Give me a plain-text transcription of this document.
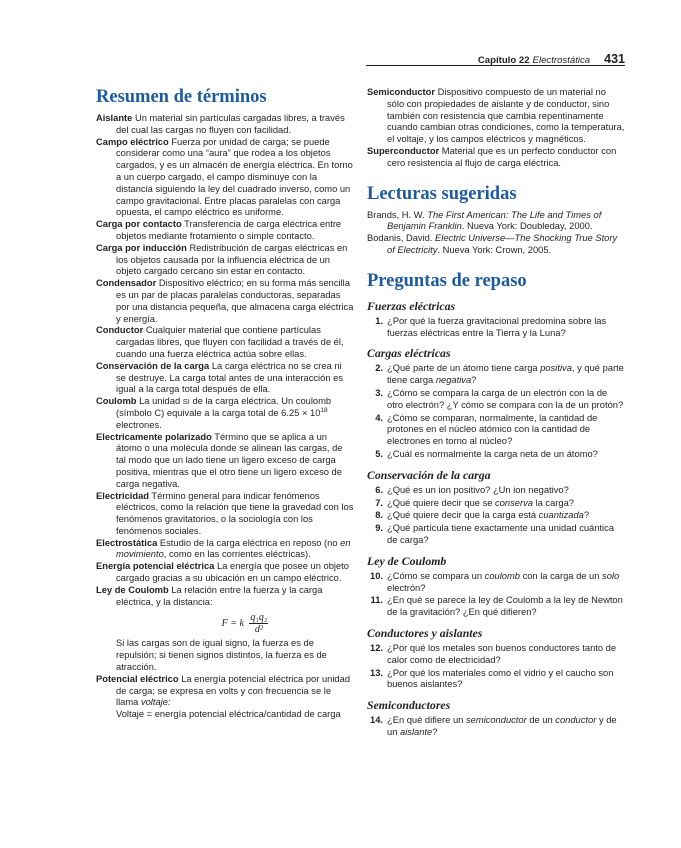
Capítulo 22 Electrostática 431
Resumen de términos

Aislante Un material sin partículas cargadas libres, a través del cual las cargas no fluyen con facilidad.

Campo eléctrico Fuerza por unidad de carga; se puede considerar como una “aura” que rodea a los objetos cargados, y es un almacén de energía eléctrica. En torno a un cuerpo cargado, el campo disminuye con la distancia siguiendo la ley del cuadrado inverso, como un campo gravitacional. Entre placas paralelas con carga opuesta, el campo eléctrico es uniforme.

Carga por contacto Transferencia de carga eléctrica entre objetos mediante frotamiento o simple contacto.

Carga por inducción Redistribución de cargas eléctricas en los objetos causada por la influencia eléctrica de un objeto cargado cercano sin estar en contacto.

Condensador Dispositivo eléctrico; en su forma más sencilla es un par de placas paralelas conductoras, separadas por una distancia pequeña, que almacena carga eléctrica y energía.

Conductor Cualquier material que contiene partículas cargadas libres, que fluyen con facilidad a través de él, cuando una fuerza eléctrica actúa sobre ellas.

Conservación de la carga La carga eléctrica no se crea ni se destruye. La carga total antes de una interacción es igual a la carga total después de ella.

Coulomb La unidad SI de la carga eléctrica. Un coulomb (símbolo C) equivale a la carga total de $6.25 \times 10^{18}$ electrones.

Electricamente polarizado Término que se aplica a un átomo o una molécula donde se alinean las cargas, de tal modo que un lado tiene un ligero exceso de carga positiva, mientras que el otro tiene un ligero exceso de carga negativa.

Electricidad Término general para indicar fenómenos eléctricos, como la relación que tiene la gravedad con los fenómenos gravitatorios, o la sociología con los fenómenos sociales.

Electrostática Estudio de la carga eléctrica en reposo (no en movimiento, como en las corrientes eléctricas).

Energía potencial eléctrica La energía que posee un objeto cargado gracias a su ubicación en un campo eléctrico.

Ley de Coulomb La relación entre la fuerza y la carga eléctrica, y la distancia:

F = k $\frac{\text{q₁q₂}}{\text{d²}}$

Si las cargas son de igual signo, la fuerza es de repulsión; si tienen signos distintos, la fuerza es de atracción.

Potencial eléctrico La energía potencial eléctrica por unidad de carga; se expresa en volts y con frecuencia se le llama voltaje:

Voltaje = energía potencial eléctrica/cantidad de carga

Semiconductor Dispositivo compuesto de un material no sólo con propiedades de aislante y de conductor, sino también con resistencia que cambia repentinamente cuando cambian otras condiciones, como la temperatura, el voltaje, y los campos eléctricos y magnéticos.

Superconductor Material que es un perfecto conductor con cero resistencia al flujo de carga eléctrica.

Lecturas sugeridas

Brands, H. W. The First American: The Life and Times of Benjamin Franklin. Nueva York: Doubleday, 2000.

Bodanis, David. Electric Universe—The Shocking True Story of Electricity. Nueva York: Crown, 2005.

Preguntas de repaso
Fuerzas eléctricas

1. ¿Por qué la fuerza gravitacional predomina sobre las fuerzas eléctricas entre la Tierra y la Luna?

Cargas eléctricas

2. ¿Qué parte de un átomo tiene carga positiva, y qué parte tiene carga negativa?

3. ¿Cómo se compara la carga de un electrón con la de otro electrón? ¿Y cómo se compara con la de un protón?

4. ¿Cómo se comparan, normalmente, la cantidad de protones en el núcleo atómico con la cantidad de electrones en torno al núcleo?

5. ¿Cuál es normalmente la carga neta de un átomo?

Conservación de la carga

6. ¿Qué es un ion positivo? ¿Un ion negativo?

7. ¿Qué quiere decir que se conserva la carga?

8. ¿Qué quiere decir que la carga está cuantizada?

9. ¿Qué partícula tiene exactamente una unidad cuántica de carga?

Ley de Coulomb

10. ¿Cómo se compara un coulomb con la carga de un solo electrón?

11. ¿En qué se parece la ley de Coulomb a la ley de Newton de la gravitación? ¿En qué difieren?

Conductores y aislantes

12. ¿Por qué los metales son buenos conductores tanto de calor como de electricidad?

13. ¿Por qué los materiales como el vidrio y el caucho son buenos aislantes?

Semiconductores

14. ¿En qué difiere un semiconductor de un conductor y de un aislante?
